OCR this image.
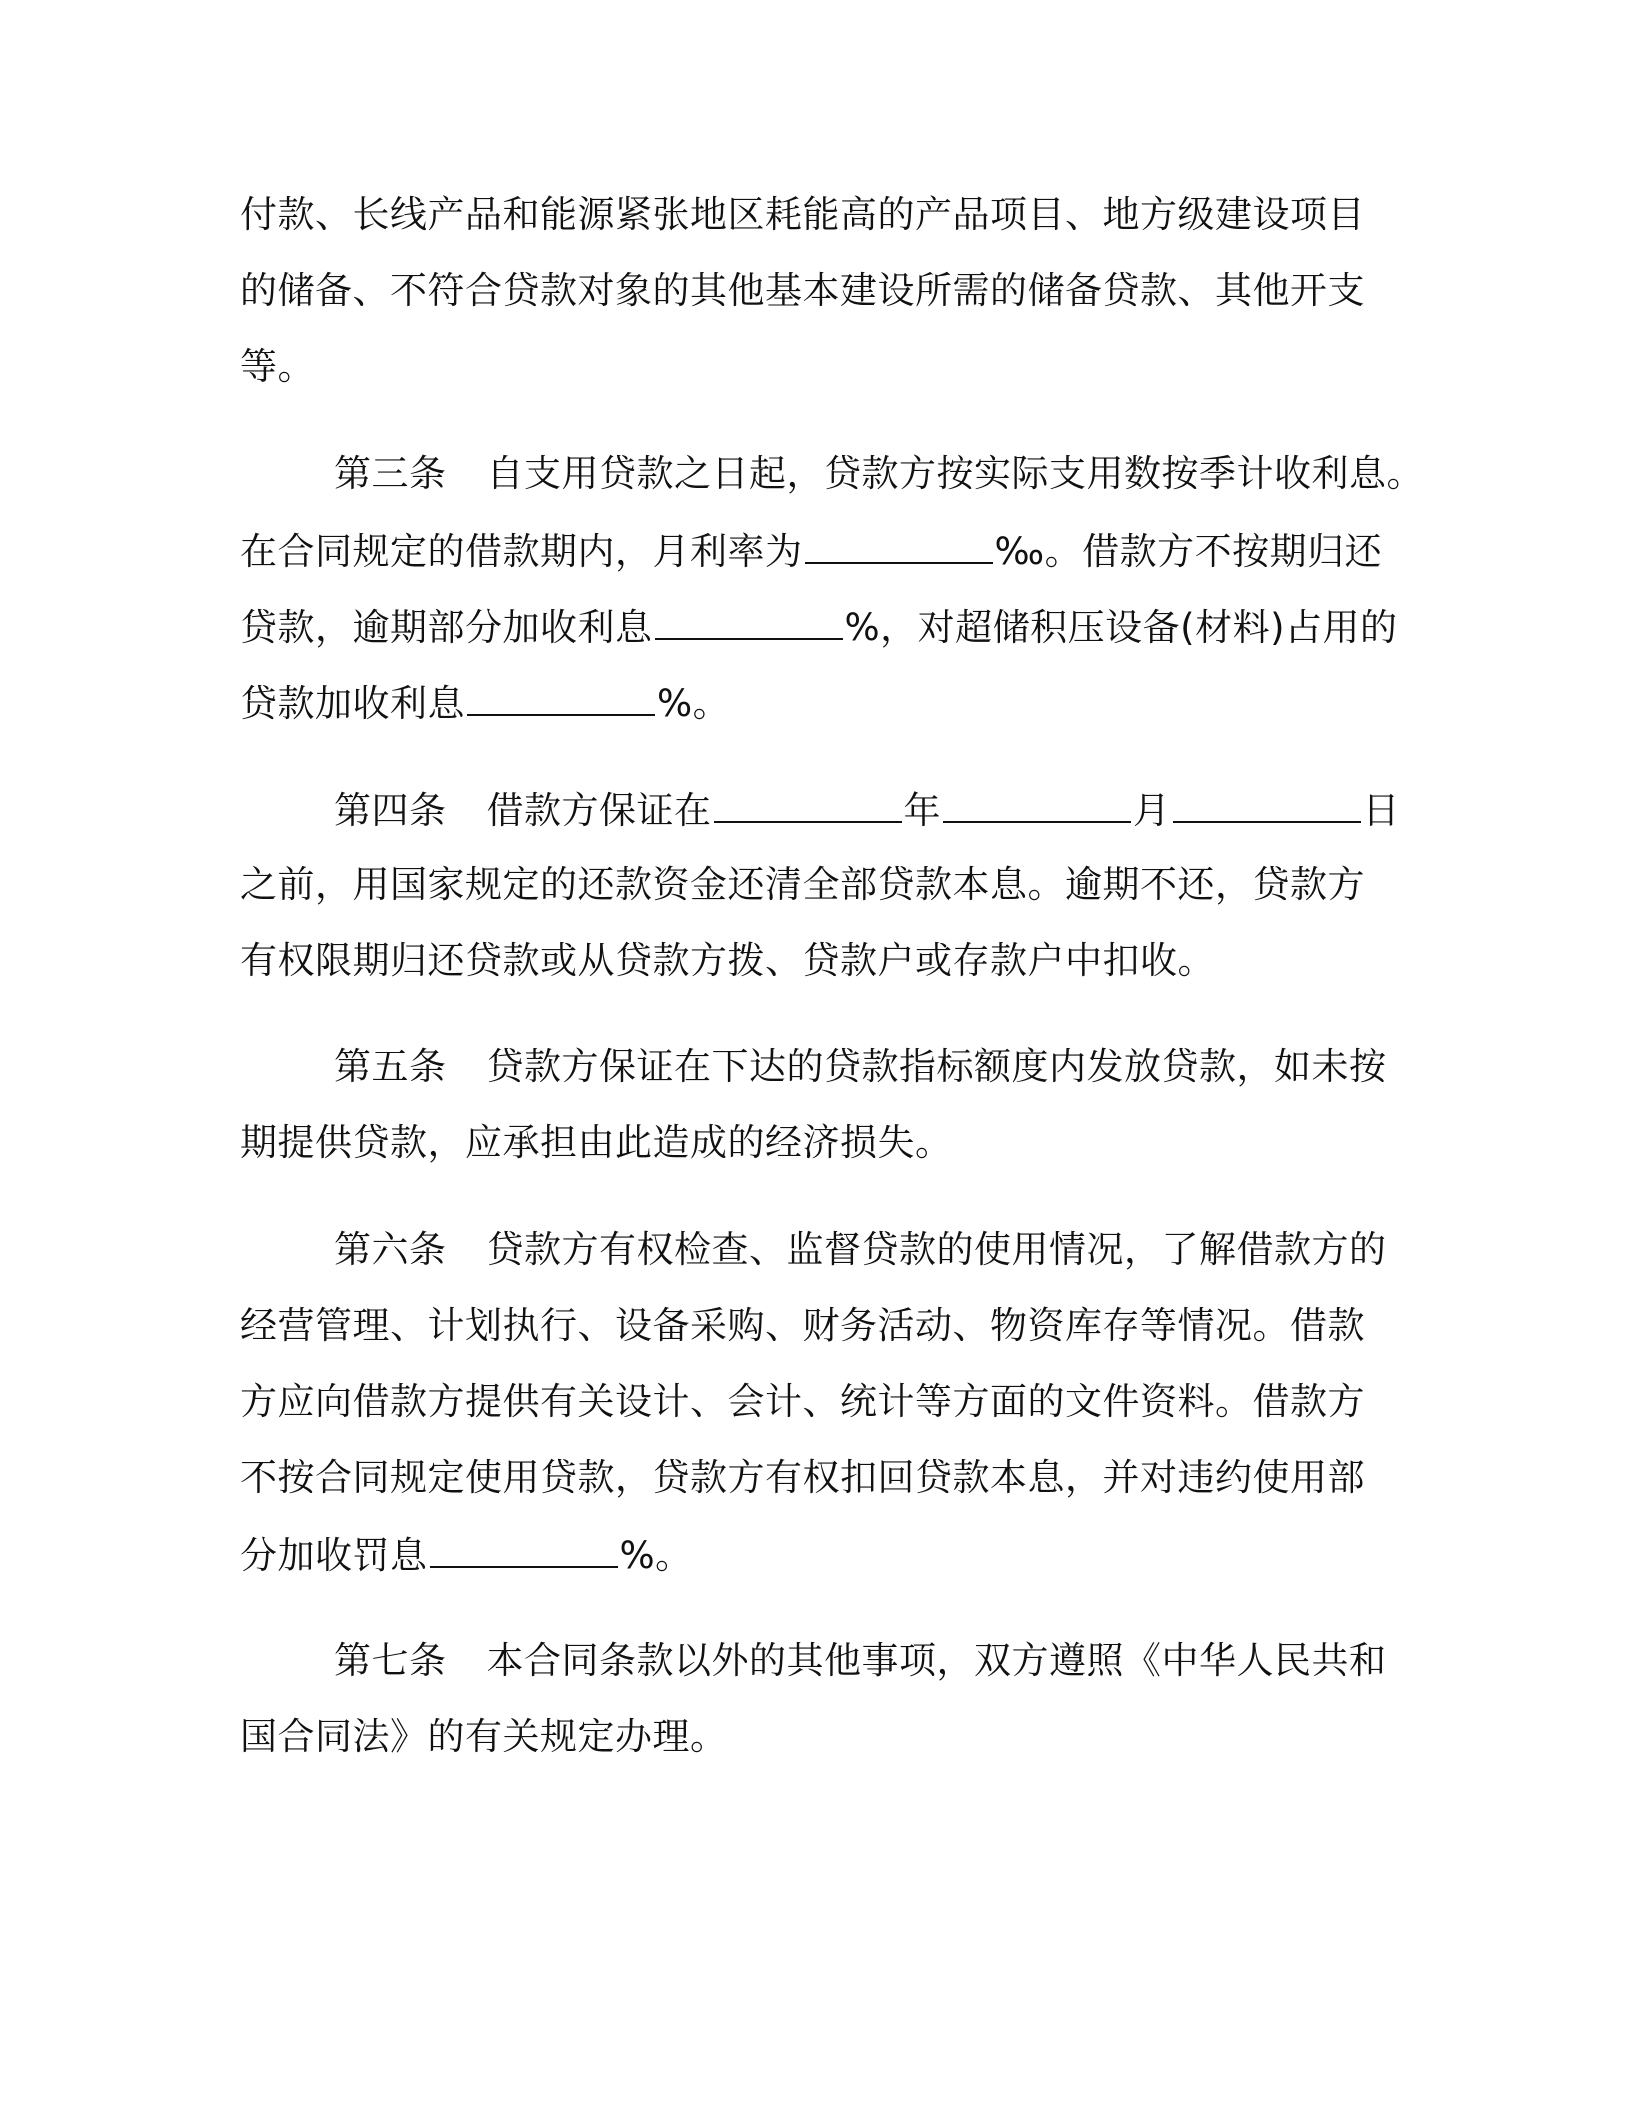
付款、长线产品和能源紧张地区耗能高的产品项目、地方级建设项目
的储备、不符合贷款对象的其他基本建设所需的储备贷款、其他开支
等。
第三条 自支用贷款之日起，贷款方按实际支用数按季计收利息。
在合同规定的借款期内，月利率为	‰。借款方不按期归还
贷款，逾期部分加收利息	%，对超储积压设备(材料)占用的
贷款加收利息	%。
第四条 借款方保证在	年	月	日
之前，用国家规定的还款资金还清全部贷款本息。逾期不还，贷款方
有权限期归还贷款或从贷款方拨、贷款户或存款户中扣收。
第五条 贷款方保证在下达的贷款指标额度内发放贷款，如未按
期提供贷款，应承担由此造成的经济损失。
第六条 贷款方有权检查、监督贷款的使用情况，了解借款方的
经营管理、计划执行、设备采购、财务活动、物资库存等情况。借款
方应向借款方提供有关设计、会计、统计等方面的文件资料。借款方
不按合同规定使用贷款，贷款方有权扣回贷款本息，并对违约使用部
分加收罚息	%。
第七条 本合同条款以外的其他事项，双方遵照《中华人民共和
国合同法》的有关规定办理。
